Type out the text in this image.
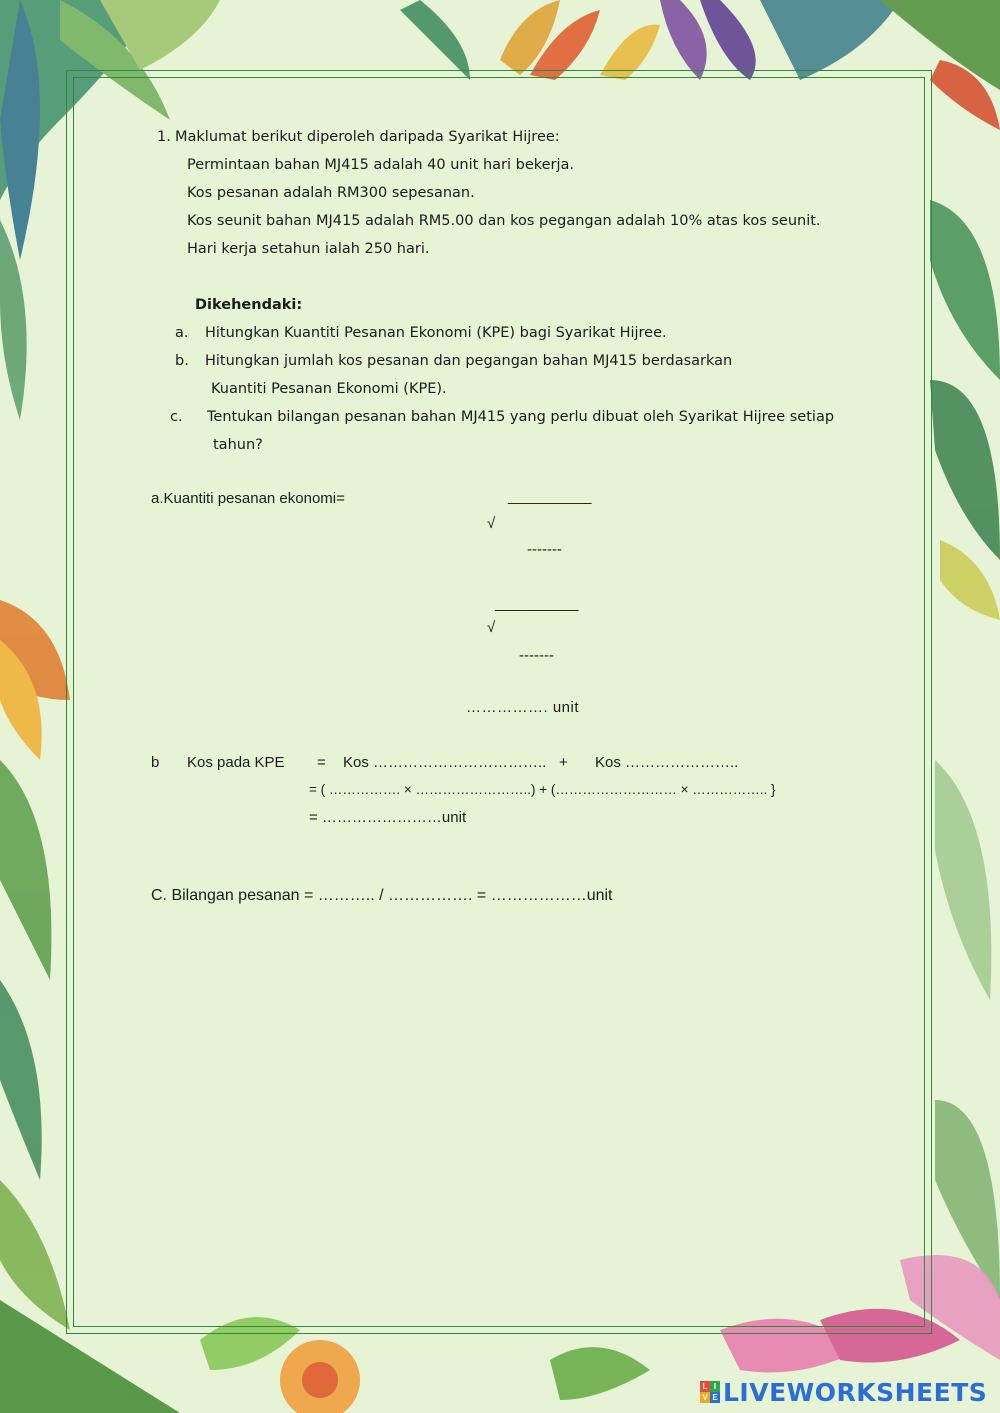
1. Maklumat berikut diperoleh daripada Syarikat Hijree:
Permintaan bahan MJ415 adalah 40 unit hari bekerja.
Kos pesanan adalah RM300 sepesanan.
Kos seunit bahan MJ415 adalah RM5.00 dan kos pegangan adalah 10% atas kos seunit.
Hari kerja setahun ialah 250 hari.
Dikehendaki:
a. Hitungkan Kuantiti Pesanan Ekonomi (KPE) bagi Syarikat Hijree.
b. Hitungkan jumlah kos pesanan dan pegangan bahan MJ415 berdasarkan
Kuantiti Pesanan Ekonomi (KPE).
c. Tentukan bilangan pesanan bahan MJ415 yang perlu dibuat oleh Syarikat Hijree setiap
tahun?
a.Kuantiti pesanan ekonomi=	__________
√
-------
__________
√
-------
……………. unit
b Kos pada KPE = Kos …………………………….. + Kos …………………..
= ( ……………. × ……………………..) + (……………………… × …………….. }
= ……………………unit
C. Bilangan pesanan = ……….. / ……………. = ………………unit
L I
V E LIVEWORKSHEETS
